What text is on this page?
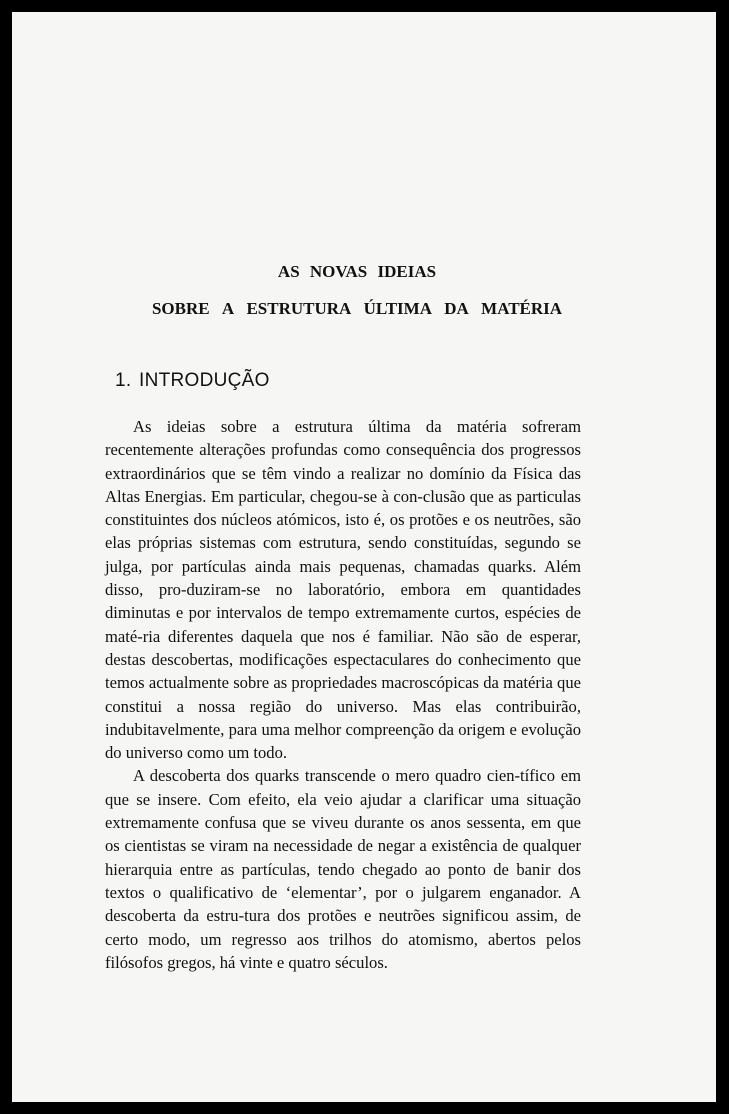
AS NOVAS IDEIAS
SOBRE A ESTRUTURA ÚLTIMA DA MATÉRIA
1. INTRODUÇÃO

As ideias sobre a estrutura última da matéria sofreram recentemente alterações profundas como consequência dos progressos extraordinários que se têm vindo a realizar no domínio da Física das Altas Energias. Em particular, chegou-se à con-clusão que as particulas constituintes dos núcleos atómicos, isto é, os protões e os neutrões, são elas próprias sistemas com estrutura, sendo constituídas, segundo se julga, por partículas ainda mais pequenas, chamadas quarks. Além disso, pro-duziram-se no laboratório, embora em quantidades diminutas e por intervalos de tempo extremamente curtos, espécies de maté-ria diferentes daquela que nos é familiar. Não são de esperar, destas descobertas, modificações espectaculares do conhecimento que temos actualmente sobre as propriedades macroscópicas da matéria que constitui a nossa região do universo. Mas elas contribuirão, indubitavelmente, para uma melhor compreenção da origem e evolução do universo como um todo.

A descoberta dos quarks transcende o mero quadro cien-tífico em que se insere. Com efeito, ela veio ajudar a clarificar uma situação extremamente confusa que se viveu durante os anos sessenta, em que os cientistas se viram na necessidade de negar a existência de qualquer hierarquia entre as partículas, tendo chegado ao ponto de banir dos textos o qualificativo de ‘elementar’, por o julgarem enganador. A descoberta da estru-tura dos protões e neutrões significou assim, de certo modo, um regresso aos trilhos do atomismo, abertos pelos filósofos gregos, há vinte e quatro séculos.
